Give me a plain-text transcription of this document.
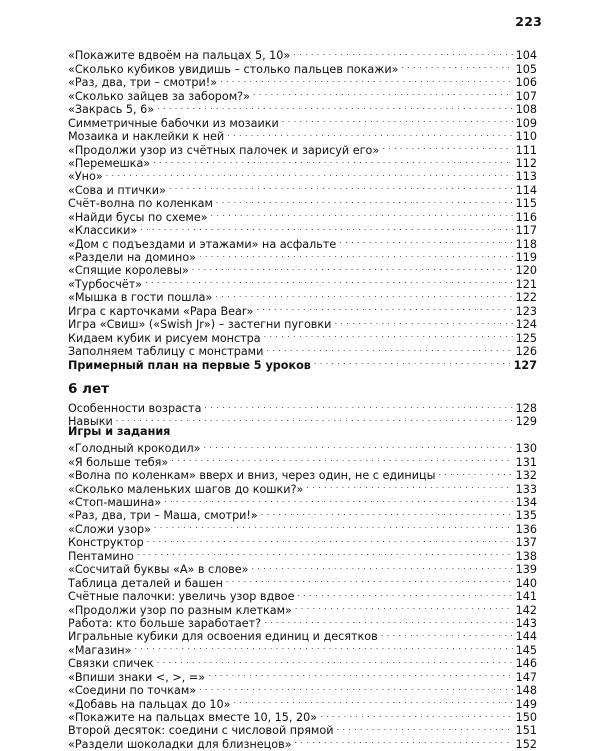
223
«Покажите вдвоём на пальцах 5, 10» . . .	104
«Сколько кубиков увидишь – столько пальцев покажи» . . .	105
«Раз, два, три – смотри!» . . .	106
«Сколько зайцев за забором?» . . .	107
«Закрась 5, 6» . . .	108
Симметричные бабочки из мозаики . . .	109
Мозаика и наклейки к ней . . .	110
«Продолжи узор из счётных палочек и зарисуй его» . . .	111
«Перемешка» . . .	112
«Уно» . . .	113
«Сова и птички» . . .	114
Счёт-волна по коленкам . . .	115
«Найди бусы по схеме» . . .	116
«Классики» . . .	117
«Дом с подъездами и этажами» на асфальте . . .	118
«Раздели на домино» . . .	119
«Спящие королевы» . . .	120
«Турбосчёт» . . .	121
«Мышка в гости пошла» . . .	122
Игра с карточками «Papa Bear» . . .	123
Игра «Свиш» («Swish Jr») – застегни пуговки . . .	124
Кидаем кубик и рисуем монстра . . .	125
Заполняем таблицу с монстрами . . .	126
Примерный план на первые 5 уроков . . .	127
6 лет
Особенности возраста . . .	128
Навыки . . .	129
Игры и задания
«Голодный крокодил» . . .	130
«Я больше тебя» . . .	131
«Волна по коленкам» вверх и вниз, через один, не с единицы . . .	132
«Сколько маленьких шагов до кошки?» . . .	133
«Стоп-машина» . . .	134
«Раз, два, три – Маша, смотри!» . . .	135
«Сложи узор» . . .	136
Конструктор . . .	137
Пентамино . . .	138
«Сосчитай буквы «А» в слове» . . .	139
Таблица деталей и башен . . .	140
Счётные палочки: увеличь узор вдвое . . .	141
«Продолжи узор по разным клеткам» . . .	142
Работа: кто больше заработает? . . .	143
Игральные кубики для освоения единиц и десятков . . .	144
«Магазин» . . .	145
Связки спичек . . .	146
«Впиши знаки <, >, =» . . .	147
«Соедини по точкам» . . .	148
«Добавь на пальцах до 10» . . .	149
«Покажите на пальцах вместе 10, 15, 20» . . .	150
Второй десяток: соедини с числовой прямой . . .	151
«Раздели шоколадки для близнецов» . . .	152
